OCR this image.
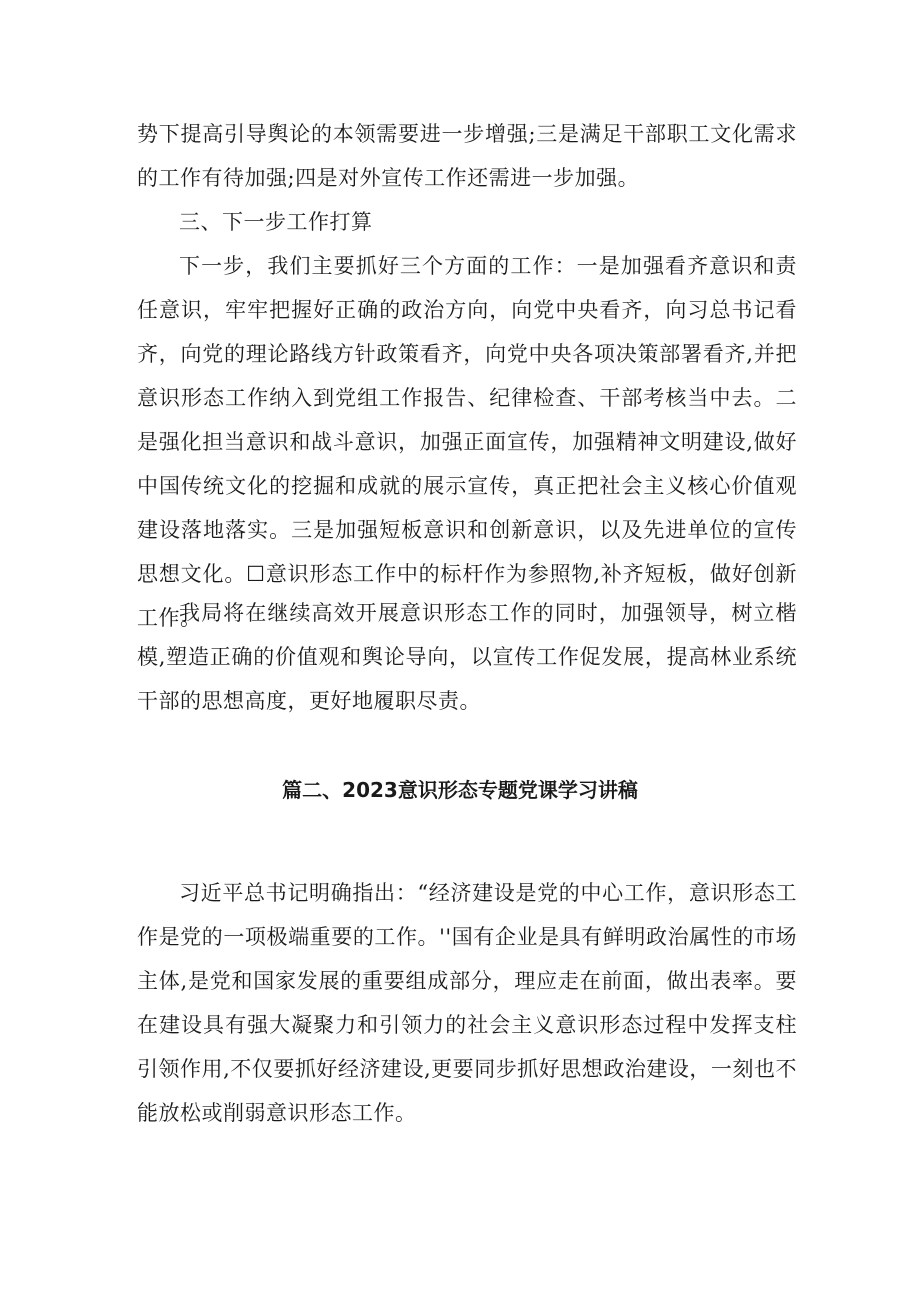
势下提高引导舆论的本领需要进一步增强;三是满足干部职工文化需求的工作有待加强;四是对外宣传工作还需进一步加强。

三、下一步工作打算

下一步，我们主要抓好三个方面的工作：一是加强看齐意识和责任意识，牢牢把握好正确的政治方向，向党中央看齐，向习总书记看齐，向党的理论路线方针政策看齐，向党中央各项决策部署看齐,并把意识形态工作纳入到党组工作报告、纪律检查、干部考核当中去。二是强化担当意识和战斗意识，加强正面宣传，加强精神文明建设,做好中国传统文化的挖掘和成就的展示宣传，真正把社会主义核心价值观建设落地落实。三是加强短板意识和创新意识，以及先进单位的宣传思想文化。☐意识形态工作中的标杆作为参照物,补齐短板，做好创新工作。

我局将在继续高效开展意识形态工作的同时，加强领导，树立楷模,塑造正确的价值观和舆论导向，以宣传工作促发展，提高林业系统干部的思想高度，更好地履职尽责。

篇二、2023意识形态专题党课学习讲稿

习近平总书记明确指出：“经济建设是党的中心工作，意识形态工作是党的一项极端重要的工作。''国有企业是具有鲜明政治属性的市场主体,是党和国家发展的重要组成部分，理应走在前面，做出表率。要在建设具有强大凝聚力和引领力的社会主义意识形态过程中发挥支柱引领作用,不仅要抓好经济建设,更要同步抓好思想政治建设，一刻也不能放松或削弱意识形态工作。
